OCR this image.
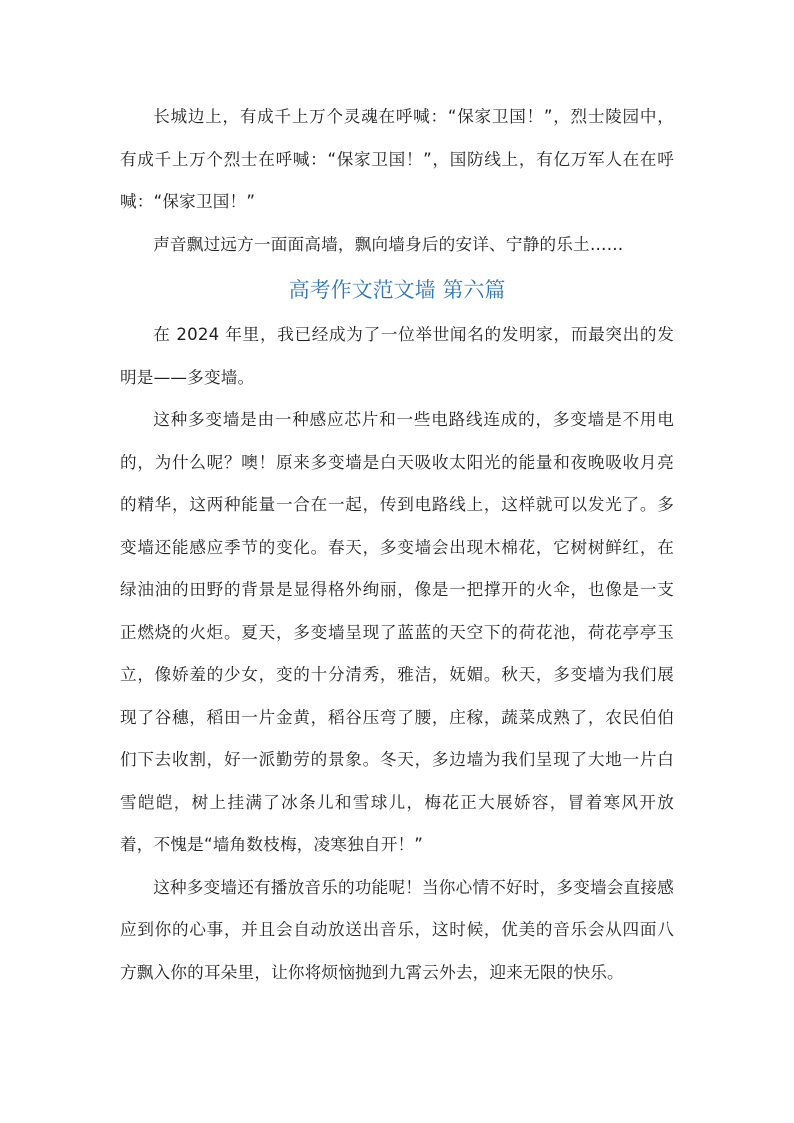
长城边上，有成千上万个灵魂在呼喊：“保家卫国！”，烈士陵园中，有成千上万个烈士在呼喊：“保家卫国！”，国防线上，有亿万军人在在呼喊：“保家卫国！”

声音飘过远方一面面高墙，飘向墙身后的安详、宁静的乐土……

高考作文范文墙 第六篇

在 2024 年里，我已经成为了一位举世闻名的发明家，而最突出的发明是——多变墙。

这种多变墙是由一种感应芯片和一些电路线连成的，多变墙是不用电的，为什么呢？噢！原来多变墙是白天吸收太阳光的能量和夜晚吸收月亮的精华，这两种能量一合在一起，传到电路线上，这样就可以发光了。多变墙还能感应季节的变化。春天，多变墙会出现木棉花，它树树鲜红，在绿油油的田野的背景是显得格外绚丽，像是一把撑开的火伞，也像是一支正燃烧的火炬。夏天，多变墙呈现了蓝蓝的天空下的荷花池，荷花亭亭玉立，像娇羞的少女，变的十分清秀，雅洁，妩媚。秋天，多变墙为我们展现了谷穗，稻田一片金黄，稻谷压弯了腰，庄稼，蔬菜成熟了，农民伯伯们下去收割，好一派勤劳的景象。冬天，多边墙为我们呈现了大地一片白雪皑皑，树上挂满了冰条儿和雪球儿，梅花正大展娇容，冒着寒风开放着，不愧是“墙角数枝梅，凌寒独自开！”

这种多变墙还有播放音乐的功能呢！当你心情不好时，多变墙会直接感应到你的心事，并且会自动放送出音乐，这时候，优美的音乐会从四面八方飘入你的耳朵里，让你将烦恼抛到九霄云外去，迎来无限的快乐。
